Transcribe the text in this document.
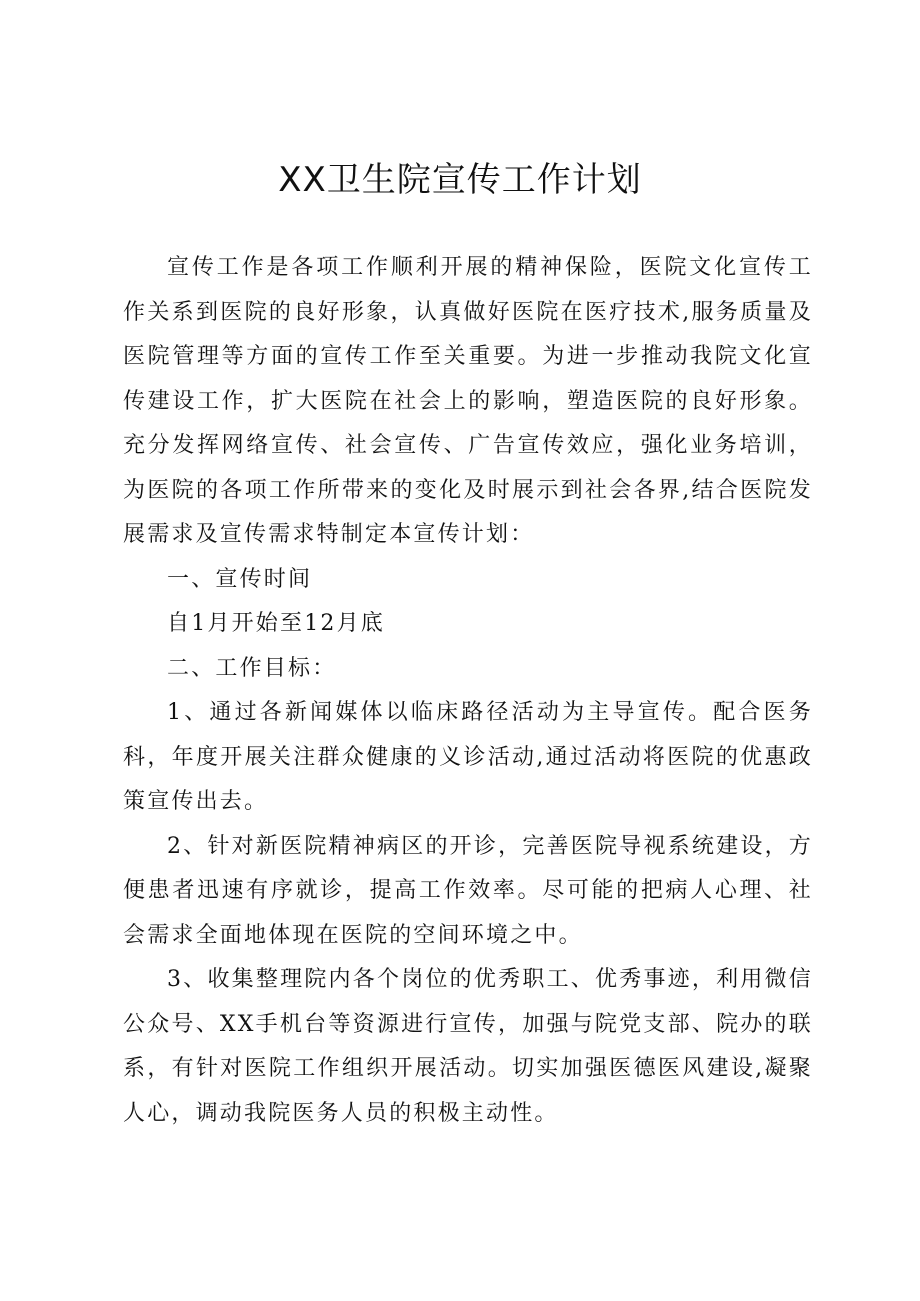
XX卫生院宣传工作计划

宣传工作是各项工作顺利开展的精神保险，医院文化宣传工作关系到医院的良好形象，认真做好医院在医疗技术,服务质量及医院管理等方面的宣传工作至关重要。为进一步推动我院文化宣传建设工作，扩大医院在社会上的影响，塑造医院的良好形象。充分发挥网络宣传、社会宣传、广告宣传效应，强化业务培训，为医院的各项工作所带来的变化及时展示到社会各界,结合医院发展需求及宣传需求特制定本宣传计划：

一、宣传时间

自1月开始至12月底

二、工作目标：

1、通过各新闻媒体以临床路径活动为主导宣传。配合医务科，年度开展关注群众健康的义诊活动,通过活动将医院的优惠政策宣传出去。

2、针对新医院精神病区的开诊，完善医院导视系统建设，方便患者迅速有序就诊，提高工作效率。尽可能的把病人心理、社会需求全面地体现在医院的空间环境之中。

3、收集整理院内各个岗位的优秀职工、优秀事迹，利用微信公众号、XX手机台等资源进行宣传，加强与院党支部、院办的联系，有针对医院工作组织开展活动。切实加强医德医风建设,凝聚人心，调动我院医务人员的积极主动性。
